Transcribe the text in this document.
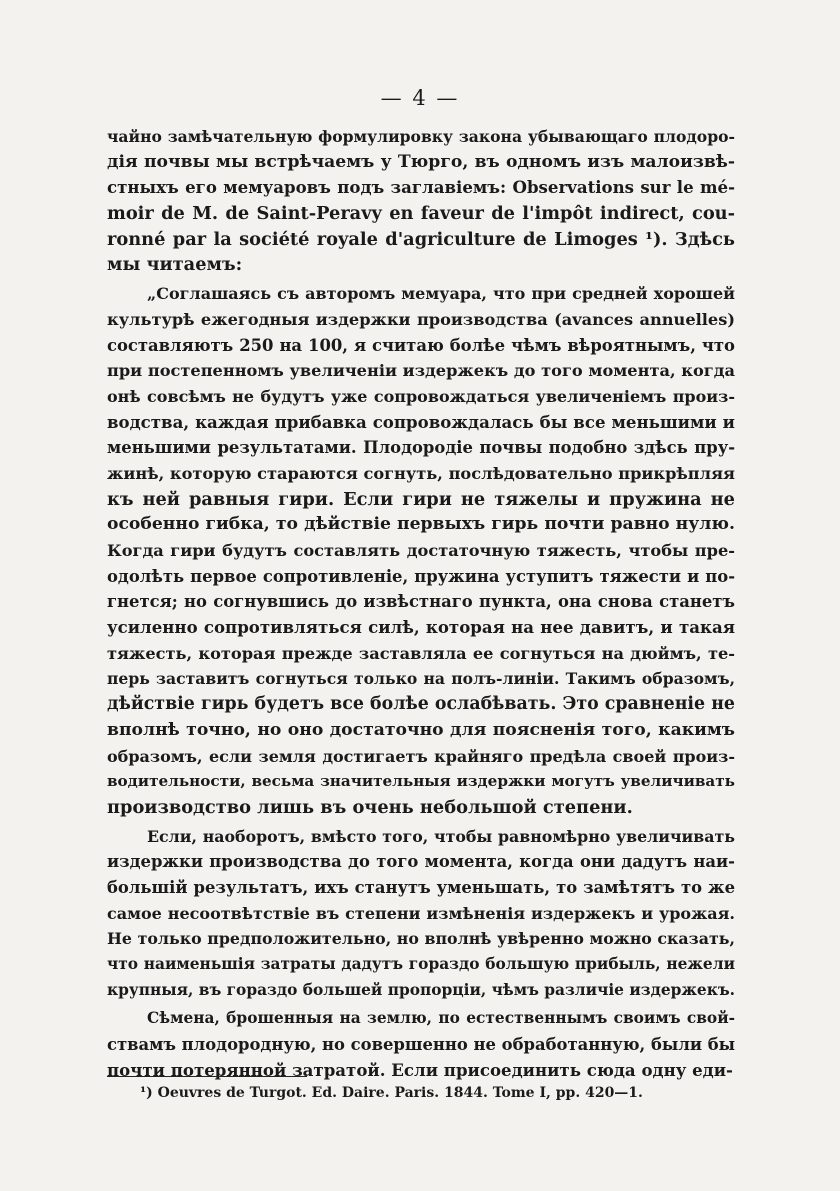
— 4 —
чайно замѣчательную формулировку закона убывающаго плодоро-
дія почвы мы встрѣчаемъ у Тюрго, въ одномъ изъ малоизвѣ-
стныхъ его мемуаровъ подъ заглавіемъ: Observations sur le mé-
moir de M. de Saint-Peravy en faveur de l'impôt indirect, cou-
ronné par la société royale d'agriculture de Limoges ¹). Здѣсь
мы читаемъ:
„Соглашаясь съ авторомъ мемуара, что при средней хорошей
культурѣ ежегодныя издержки производства (avances annuelles)
составляютъ 250 на 100, я считаю болѣе чѣмъ вѣроятнымъ, что
при постепенномъ увеличеніи издержекъ до того момента, когда
онѣ совсѣмъ не будутъ уже сопровождаться увеличеніемъ произ-
водства, каждая прибавка сопровождалась бы все меньшими и
меньшими результатами. Плодородіе почвы подобно здѣсь пру-
жинѣ, которую стараются согнуть, послѣдовательно прикрѣпляя
къ ней равныя гири. Если гири не тяжелы и пружина не
особенно гибка, то дѣйствіе первыхъ гирь почти равно нулю.
Когда гири будутъ составлять достаточную тяжесть, чтобы пре-
одолѣть первое сопротивленіе, пружина уступитъ тяжести и по-
гнется; но согнувшись до извѣстнаго пункта, она снова станетъ
усиленно сопротивляться силѣ, которая на нее давитъ, и такая
тяжесть, которая прежде заставляла ее согнуться на дюймъ, те-
перь заставитъ согнуться только на полъ-линіи. Такимъ образомъ,
дѣйствіе гирь будетъ все болѣе ослабѣвать. Это сравненіе не
вполнѣ точно, но оно достаточно для поясненія того, какимъ
образомъ, если земля достигаетъ крайняго предѣла своей произ-
водительности, весьма значительныя издержки могутъ увеличивать
производство лишь въ очень небольшой степени.
Если, наоборотъ, вмѣсто того, чтобы равномѣрно увеличивать
издержки производства до того момента, когда они дадутъ наи-
большій результатъ, ихъ станутъ уменьшать, то замѣтятъ то же
самое несоотвѣтствіе въ степени измѣненія издержекъ и урожая.
Не только предположительно, но вполнѣ увѣренно можно сказать,
что наименьшія затраты дадутъ гораздо большую прибыль, нежели
крупныя, въ гораздо большей пропорціи, чѣмъ различіе издержекъ.
Сѣмена, брошенныя на землю, по естественнымъ своимъ свой-
ствамъ плодородную, но совершенно не обработанную, были бы
почти потерянной затратой. Если присоединить сюда одну еди-
¹) Oeuvres de Turgot. Ed. Daire. Paris. 1844. Tome I, pp. 420—1.
